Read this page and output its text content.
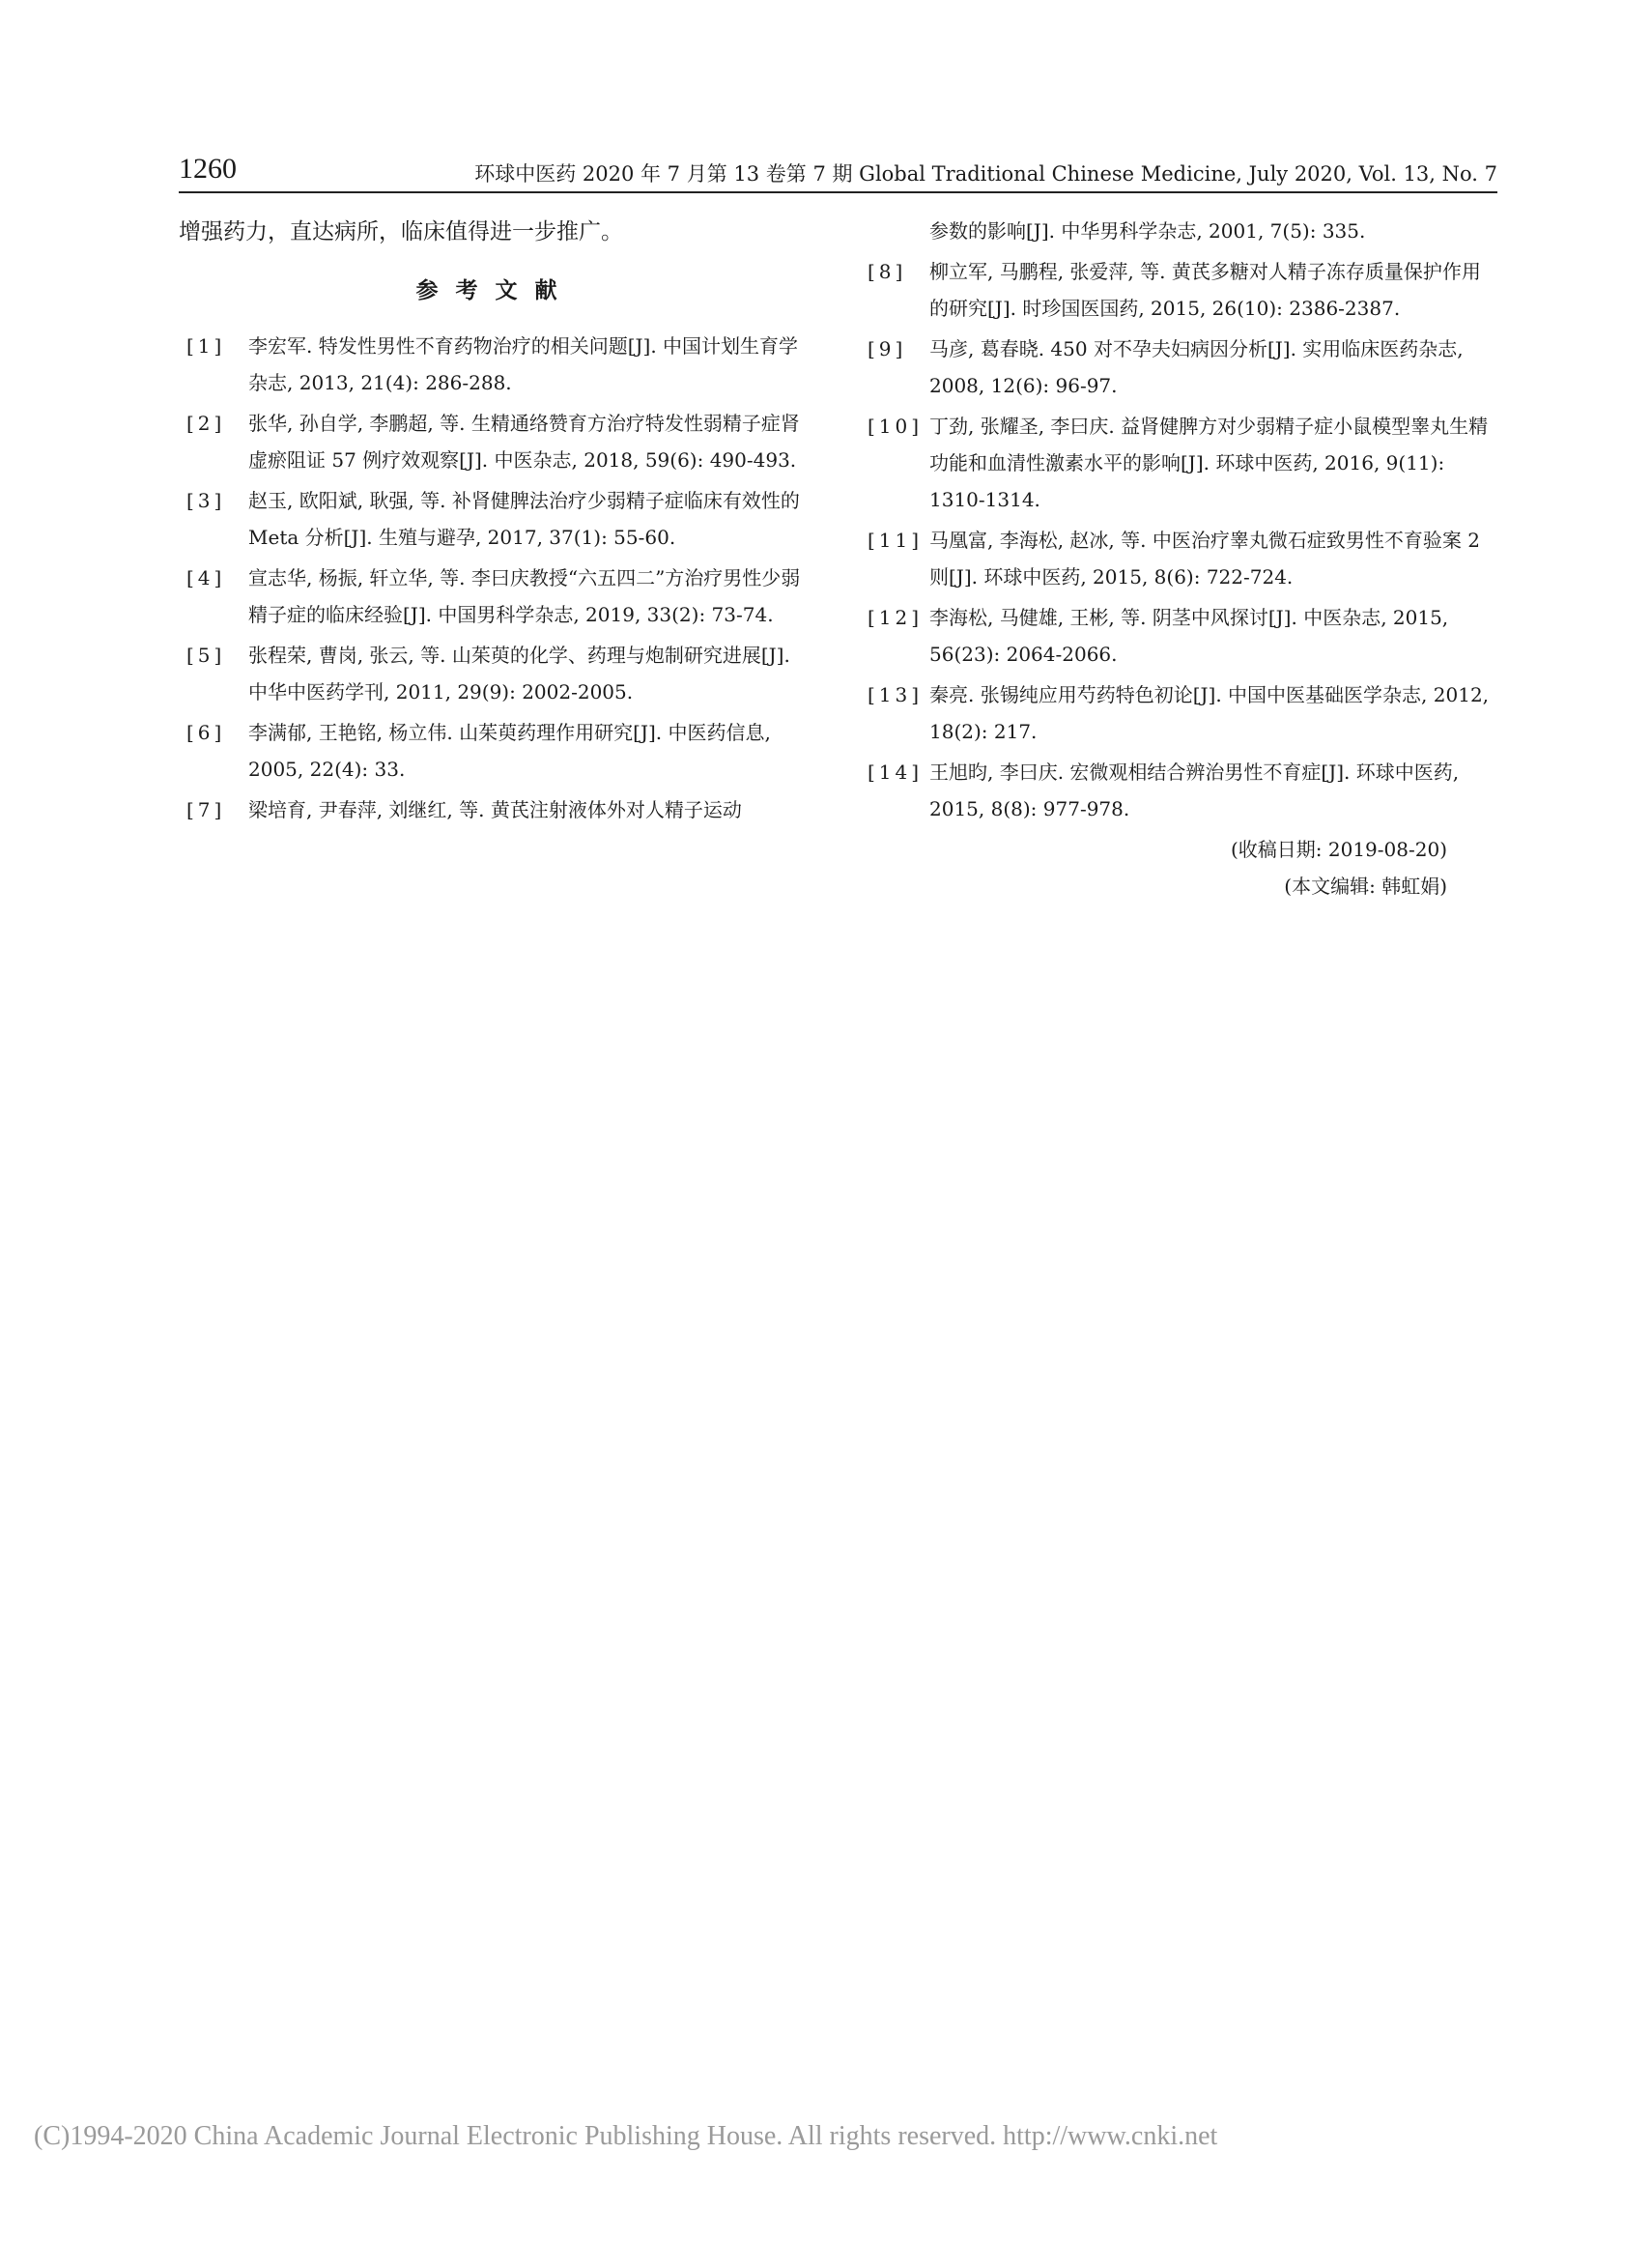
1260	环球中医药 2020 年 7 月第 13 卷第 7 期 Global Traditional Chinese Medicine, July 2020, Vol. 13, No. 7

增强药力，直达病所，临床值得进一步推广。

参考文献
[1] 李宏军. 特发性男性不育药物治疗的相关问题[J]. 中国计划生育学杂志, 2013, 21(4): 286-288.
[2] 张华, 孙自学, 李鹏超, 等. 生精通络赞育方治疗特发性弱精子症肾虚瘀阻证 57 例疗效观察[J]. 中医杂志, 2018, 59(6): 490-493.
[3] 赵玉, 欧阳斌, 耿强, 等. 补肾健脾法治疗少弱精子症临床有效性的 Meta 分析[J]. 生殖与避孕, 2017, 37(1): 55-60.
[4] 宣志华, 杨振, 轩立华, 等. 李曰庆教授“六五四二”方治疗男性少弱精子症的临床经验[J]. 中国男科学杂志, 2019, 33(2): 73-74.
[5] 张程荣, 曹岗, 张云, 等. 山茱萸的化学、药理与炮制研究进展[J]. 中华中医药学刊, 2011, 29(9): 2002-2005.
[6] 李满郁, 王艳铭, 杨立伟. 山茱萸药理作用研究[J]. 中医药信息, 2005, 22(4): 33.
[7] 梁培育, 尹春萍, 刘继红, 等. 黄芪注射液体外对人精子运动
参数的影响[J]. 中华男科学杂志, 2001, 7(5): 335.
[8] 柳立军, 马鹏程, 张爱萍, 等. 黄芪多糖对人精子冻存质量保护作用的研究[J]. 时珍国医国药, 2015, 26(10): 2386-2387.
[9] 马彦, 葛春晓. 450 对不孕夫妇病因分析[J]. 实用临床医药杂志, 2008, 12(6): 96-97.
[10] 丁劲, 张耀圣, 李曰庆. 益肾健脾方对少弱精子症小鼠模型睾丸生精功能和血清性激素水平的影响[J]. 环球中医药, 2016, 9(11): 1310-1314.
[11] 马凰富, 李海松, 赵冰, 等. 中医治疗睾丸微石症致男性不育验案 2 则[J]. 环球中医药, 2015, 8(6): 722-724.
[12] 李海松, 马健雄, 王彬, 等. 阴茎中风探讨[J]. 中医杂志, 2015, 56(23): 2064-2066.
[13] 秦亮. 张锡纯应用芍药特色初论[J]. 中国中医基础医学杂志, 2012, 18(2): 217.
[14] 王旭昀, 李曰庆. 宏微观相结合辨治男性不育症[J]. 环球中医药, 2015, 8(8): 977-978.
(收稿日期: 2019-08-20)
(本文编辑: 韩虹娟)
(C)1994-2020 China Academic Journal Electronic Publishing House. All rights reserved. http://www.cnki.net
